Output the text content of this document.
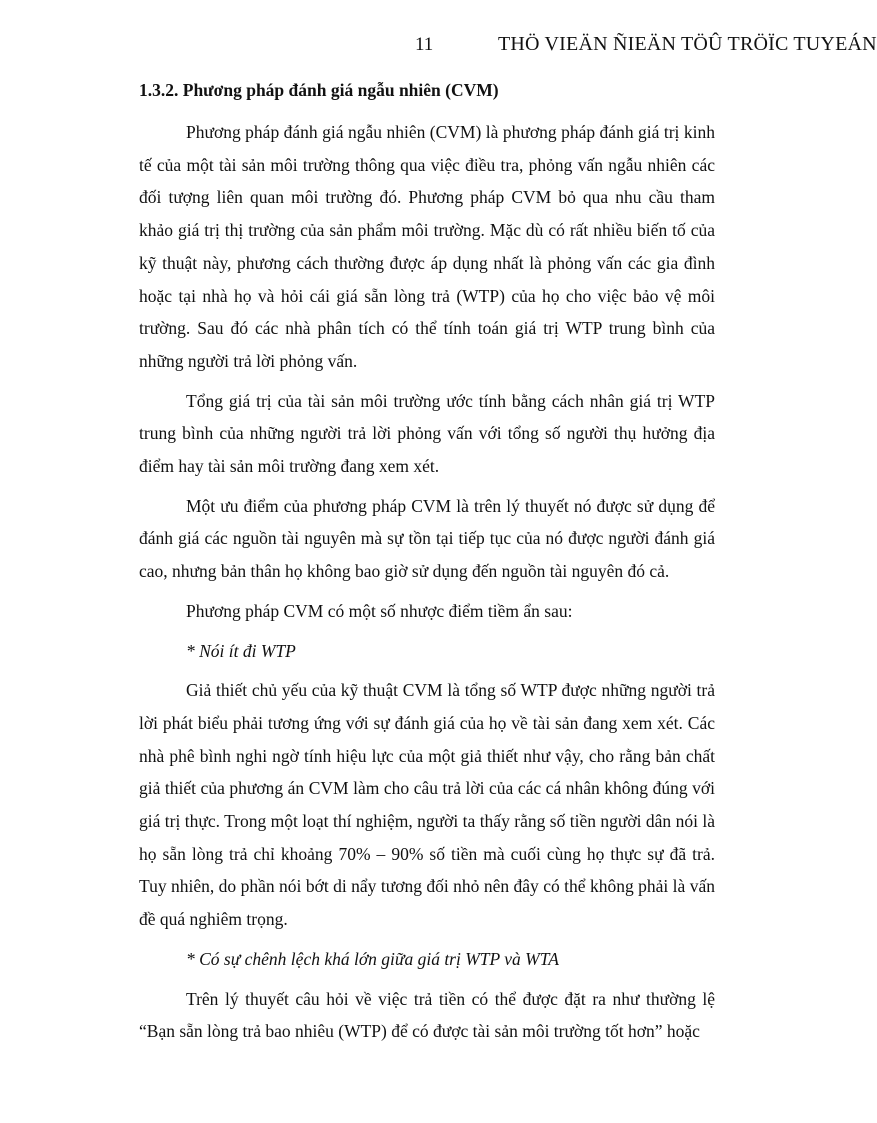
11	THÖ VIEÄN ÑIEÄN TÖÛ TRÖÏC TUYEÁN
1.3.2. Phương pháp đánh giá ngẫu nhiên (CVM)

Phương pháp đánh giá ngẫu nhiên (CVM) là phương pháp đánh giá trị kinh tế của một tài sản môi trường thông qua việc điều tra, phỏng vấn ngẫu nhiên các đối tượng liên quan môi trường đó. Phương pháp CVM bỏ qua nhu cầu tham khảo giá trị thị trường của sản phẩm môi trường. Mặc dù có rất nhiều biến tố của kỹ thuật này, phương cách thường được áp dụng nhất là phỏng vấn các gia đình hoặc tại nhà họ và hỏi cái giá sẵn lòng trả (WTP) của họ cho việc bảo vệ môi trường. Sau đó các nhà phân tích có thể tính toán giá trị WTP trung bình của những người trả lời phỏng vấn.

Tổng giá trị của tài sản môi trường ước tính bằng cách nhân giá trị WTP trung bình của những người trả lời phỏng vấn với tổng số người thụ hưởng địa điểm hay tài sản môi trường đang xem xét.

Một ưu điểm của phương pháp CVM là trên lý thuyết nó được sử dụng để đánh giá các nguồn tài nguyên mà sự tồn tại tiếp tục của nó được người đánh giá cao, nhưng bản thân họ không bao giờ sử dụng đến nguồn tài nguyên đó cả.

Phương pháp CVM có một số nhược điểm tiềm ẩn sau:

* Nói ít đi WTP

Giả thiết chủ yếu của kỹ thuật CVM là tổng số WTP được những người trả lời phát biểu phải tương ứng với sự đánh giá của họ về tài sản đang xem xét. Các nhà phê bình nghi ngờ tính hiệu lực của một giả thiết như vậy, cho rằng bản chất giả thiết của phương án CVM làm cho câu trả lời của các cá nhân không đúng với giá trị thực. Trong một loạt thí nghiệm, người ta thấy rằng số tiền người dân nói là họ sẵn lòng trả chỉ khoảng 70% – 90% số tiền mà cuối cùng họ thực sự đã trả. Tuy nhiên, do phần nói bớt di nẩy tương đối nhỏ nên đây có thể không phải là vấn đề quá nghiêm trọng.

* Có sự chênh lệch khá lớn giữa giá trị WTP và WTA

Trên lý thuyết câu hỏi về việc trả tiền có thể được đặt ra như thường lệ “Bạn sẵn lòng trả bao nhiêu (WTP) để có được tài sản môi trường tốt hơn” hoặc
